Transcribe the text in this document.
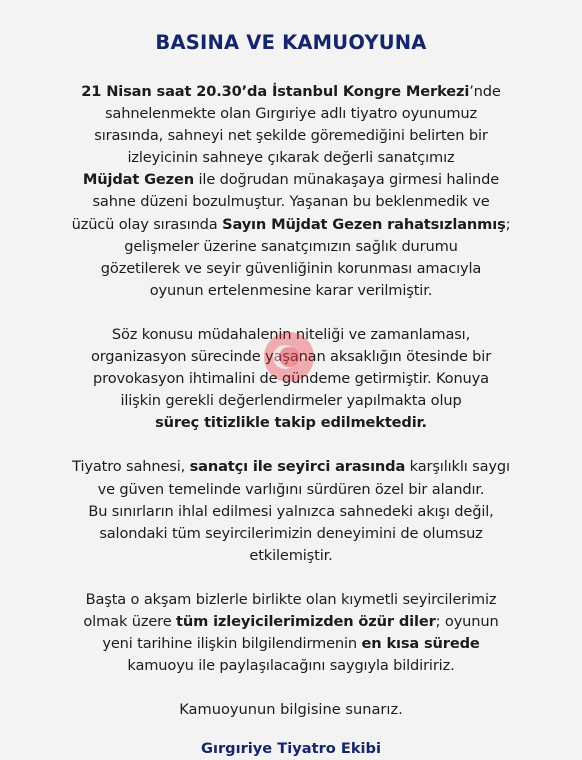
BASINA VE KAMUOYUNA

21 Nisan saat 20.30’da İstanbul Kongre Merkezi’nde
sahnelenmekte olan Gırgıriye adlı tiyatro oyunumuz
sırasında, sahneyi net şekilde göremediğini belirten bir
izleyicinin sahneye çıkarak değerli sanatçımız
Müjdat Gezen ile doğrudan münakaşaya girmesi halinde
sahne düzeni bozulmuştur. Yaşanan bu beklenmedik ve
üzücü olay sırasında Sayın Müjdat Gezen rahatsızlanmış;
gelişmeler üzerine sanatçımızın sağlık durumu
gözetilerek ve seyir güvenliğinin korunması amacıyla
oyunun ertelenmesine karar verilmiştir.

Söz konusu müdahalenin niteliği ve zamanlaması,
organizasyon sürecinde yaşanan aksaklığın ötesinde bir
provokasyon ihtimalini de gündeme getirmiştir. Konuya
ilişkin gerekli değerlendirmeler yapılmakta olup
süreç titizlikle takip edilmektedir.

Tiyatro sahnesi, sanatçı ile seyirci arasında karşılıklı saygı
ve güven temelinde varlığını sürdüren özel bir alandır.
Bu sınırların ihlal edilmesi yalnızca sahnedeki akışı değil,
salondaki tüm seyircilerimizin deneyimini de olumsuz
etkilemiştir.

Başta o akşam bizlerle birlikte olan kıymetli seyircilerimiz
olmak üzere tüm izleyicilerimizden özür diler; oyunun
yeni tarihine ilişkin bilgilendirmenin en kısa sürede
kamuoyu ile paylaşılacağını saygıyla bildiririz.

Kamuoyunun bilgisine sunarız.

Gırgıriye Tiyatro Ekibi
